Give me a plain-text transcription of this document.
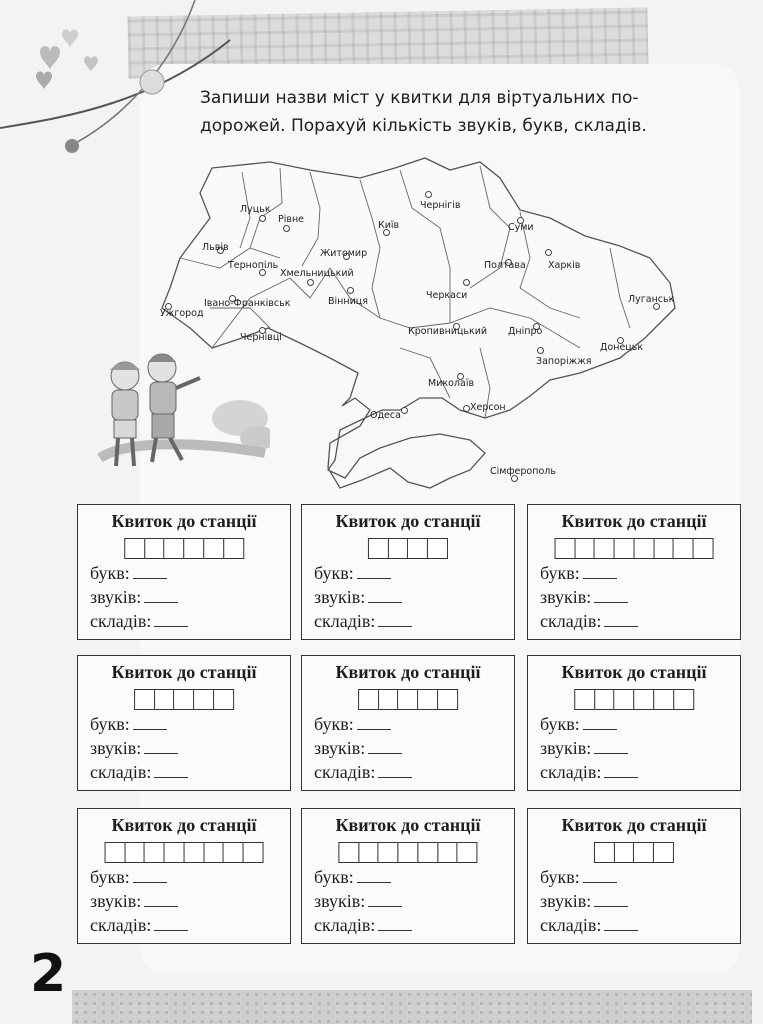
Запиши назви міст у квитки для віртуальних по-
дорожей. Порахуй кількість звуків, букв, складів.

Луцьк
Рівне
Львів
Тернопіль
Хмельницький
Житомир
Київ
Чернігів
Суми
Полтава Харків
Луганськ
Ужгород
Івано-Франківськ
Чернівці
Вінниця
Черкаси
Кропивницький Дніпро
Донецьк
Запоріжжя
Миколаїв
Одеса
Херсон
Сімферополь
Квиток до станції
букв:
звуків:
складів:
Квиток до станції
букв:
звуків:
складів:
Квиток до станції
букв:
звуків:
складів:
Квиток до станції
букв:
звуків:
складів:
Квиток до станції
букв:
звуків:
складів:
Квиток до станції
букв:
звуків:
складів:
Квиток до станції
букв:
звуків:
складів:
Квиток до станції
букв:
звуків:
складів:
Квиток до станції
букв:
звуків:
складів:
2
